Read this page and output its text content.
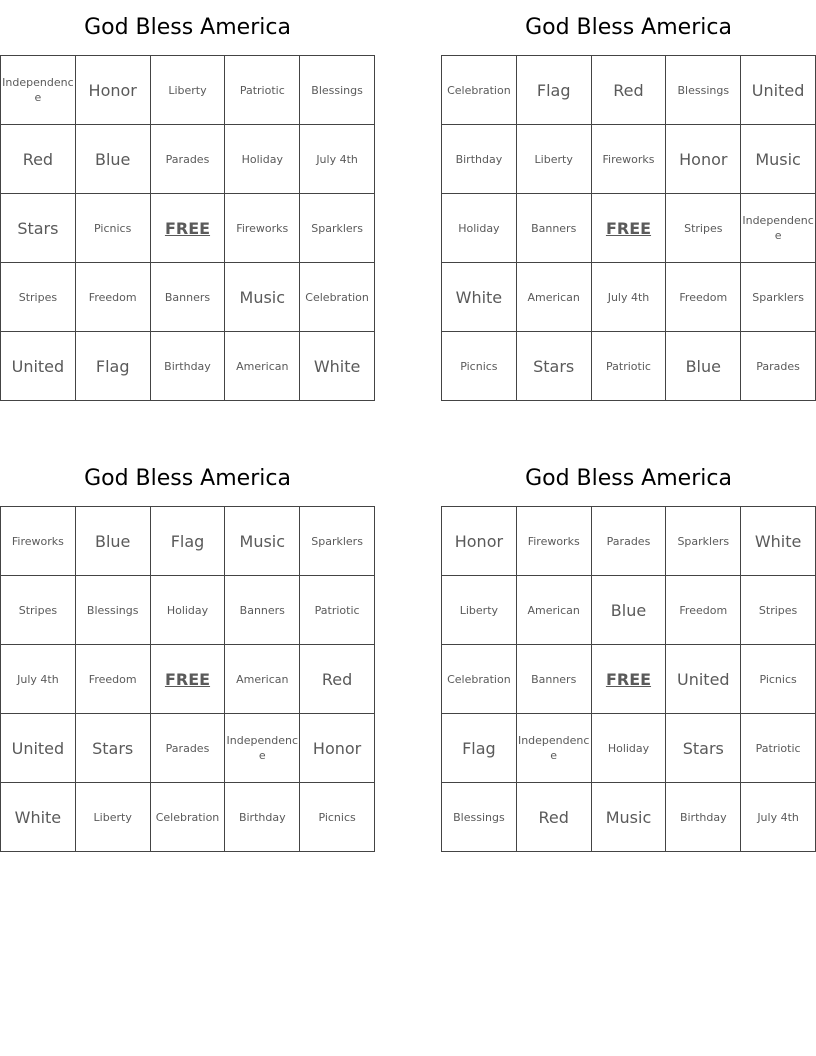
God Bless America
Independence	Honor	Liberty	Patriotic	Blessings
Red	Blue	Parades	Holiday	July 4th
Stars	Picnics	FREE	Fireworks	Sparklers
Stripes	Freedom	Banners	Music	Celebration
United	Flag	Birthday	American	White
God Bless America
Celebration	Flag	Red	Blessings	United
Birthday	Liberty	Fireworks	Honor	Music
Holiday	Banners	FREE	Stripes	Independence
White	American	July 4th	Freedom	Sparklers
Picnics	Stars	Patriotic	Blue	Parades
God Bless America
Fireworks	Blue	Flag	Music	Sparklers
Stripes	Blessings	Holiday	Banners	Patriotic
July 4th	Freedom	FREE	American	Red
United	Stars	Parades	Independence	Honor
White	Liberty	Celebration	Birthday	Picnics
God Bless America
Honor	Fireworks	Parades	Sparklers	White
Liberty	American	Blue	Freedom	Stripes
Celebration	Banners	FREE	United	Picnics
Flag	Independence	Holiday	Stars	Patriotic
Blessings	Red	Music	Birthday	July 4th
